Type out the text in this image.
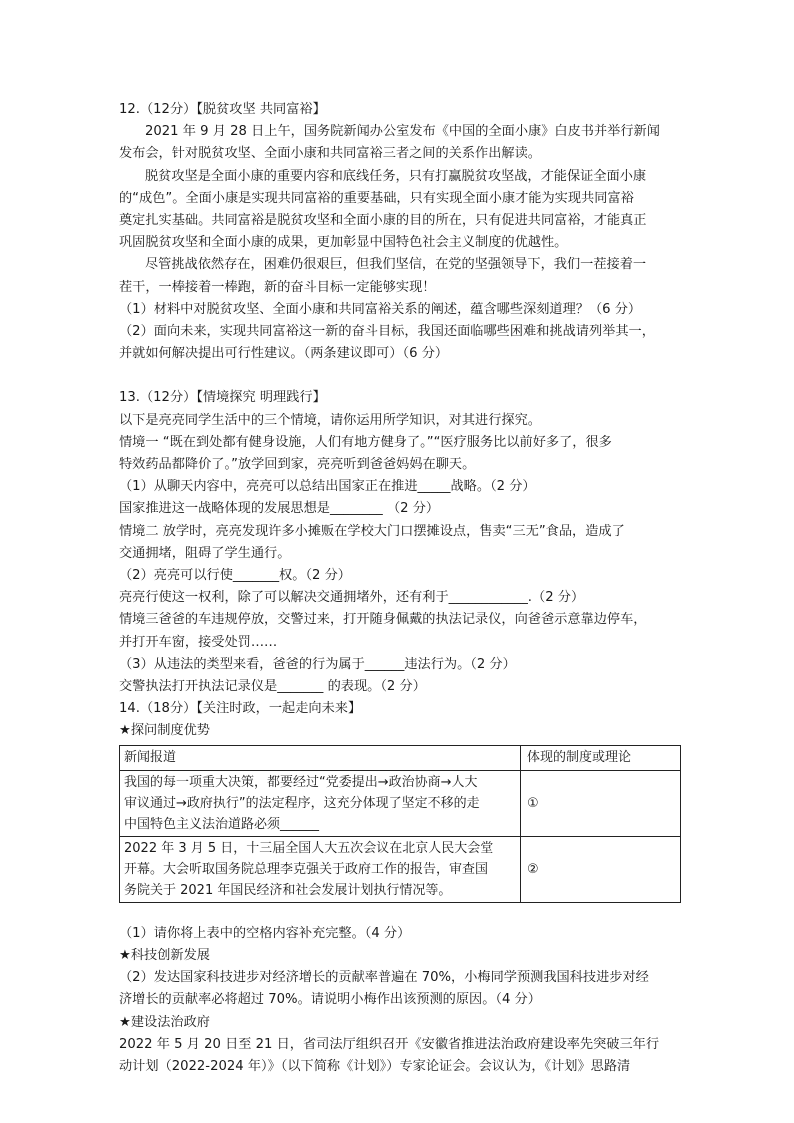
12.（12分）【脱贫攻坚 共同富裕】
2021 年 9 月 28 日上午，国务院新闻办公室发布《中国的全面小康》白皮书并举行新闻
发布会，针对脱贫攻坚、全面小康和共同富裕三者之间的关系作出解读。
脱贫攻坚是全面小康的重要内容和底线任务，只有打赢脱贫攻坚战，才能保证全面小康
的“成色”。全面小康是实现共同富裕的重要基础，只有实现全面小康才能为实现共同富裕
奠定扎实基础。共同富裕是脱贫攻坚和全面小康的目的所在，只有促进共同富裕，才能真正
巩固脱贫攻坚和全面小康的成果，更加彰显中国特色社会主义制度的优越性。
尽管挑战依然存在，困难仍很艰巨，但我们坚信，在党的坚强领导下，我们一茬接着一
茬干，一棒接着一棒跑，新的奋斗目标一定能够实现！
（1）材料中对脱贫攻坚、全面小康和共同富裕关系的阐述，蕴含哪些深刻道理？（6 分）
（2）面向未来，实现共同富裕这一新的奋斗目标，我国还面临哪些困难和挑战请列举其一，
并就如何解决提出可行性建议。（两条建议即可）（6 分）
13.（12分）【情境探究 明理践行】
以下是亮亮同学生活中的三个情境，请你运用所学知识，对其进行探究。
情境一 “既在到处都有健身设施，人们有地方健身了。”“医疗服务比以前好多了，很多
特效药品都降价了。”放学回到家，亮亮听到爸爸妈妈在聊天。
（1）从聊天内容中，亮亮可以总结出国家正在推进_____战略。（2 分）
国家推进这一战略体现的发展思想是________ （2 分）
情境二 放学时，亮亮发现许多小摊贩在学校大门口摆摊设点，售卖“三无”食品，造成了
交通拥堵，阻碍了学生通行。
（2）亮亮可以行使_______权。（2 分）
亮亮行使这一权利，除了可以解决交通拥堵外，还有利于____________.（2 分）
情境三爸爸的车违规停放，交警过来，打开随身佩戴的执法记录仪，向爸爸示意靠边停车，
并打开车窗，接受处罚……
（3）从违法的类型来看，爸爸的行为属于______违法行为。（2 分）
交警执法打开执法记录仪是_______ 的表现。（2 分）
14.（18分）【关注时政，一起走向未来】
★探问制度优势
新闻报道	体现的制度或理论

我国的每一项重大决策，都要经过“党委提出→政治协商→人大
审议通过→政府执行”的法定程序，这充分体现了坚定不移的走
中国特色主义法治道路必须______	①

2022 年 3 月 5 日，十三届全国人大五次会议在北京人民大会堂
开幕。大会听取国务院总理李克强关于政府工作的报告，审查国
务院关于 2021 年国民经济和社会发展计划执行情况等。	②
（1）请你将上表中的空格内容补充完整。（4 分）
★科技创新发展
（2）发达国家科技进步对经济增长的贡献率普遍在 70%，小梅同学预测我国科技进步对经
济增长的贡献率必将超过 70%。请说明小梅作出该预测的原因。（4 分）
★建设法治政府
2022 年 5 月 20 日至 21 日，省司法厅组织召开《安徽省推进法治政府建设率先突破三年行
动计划（2022-2024 年）》（以下简称《计划》）专家论证会。会议认为，《计划》思路清
